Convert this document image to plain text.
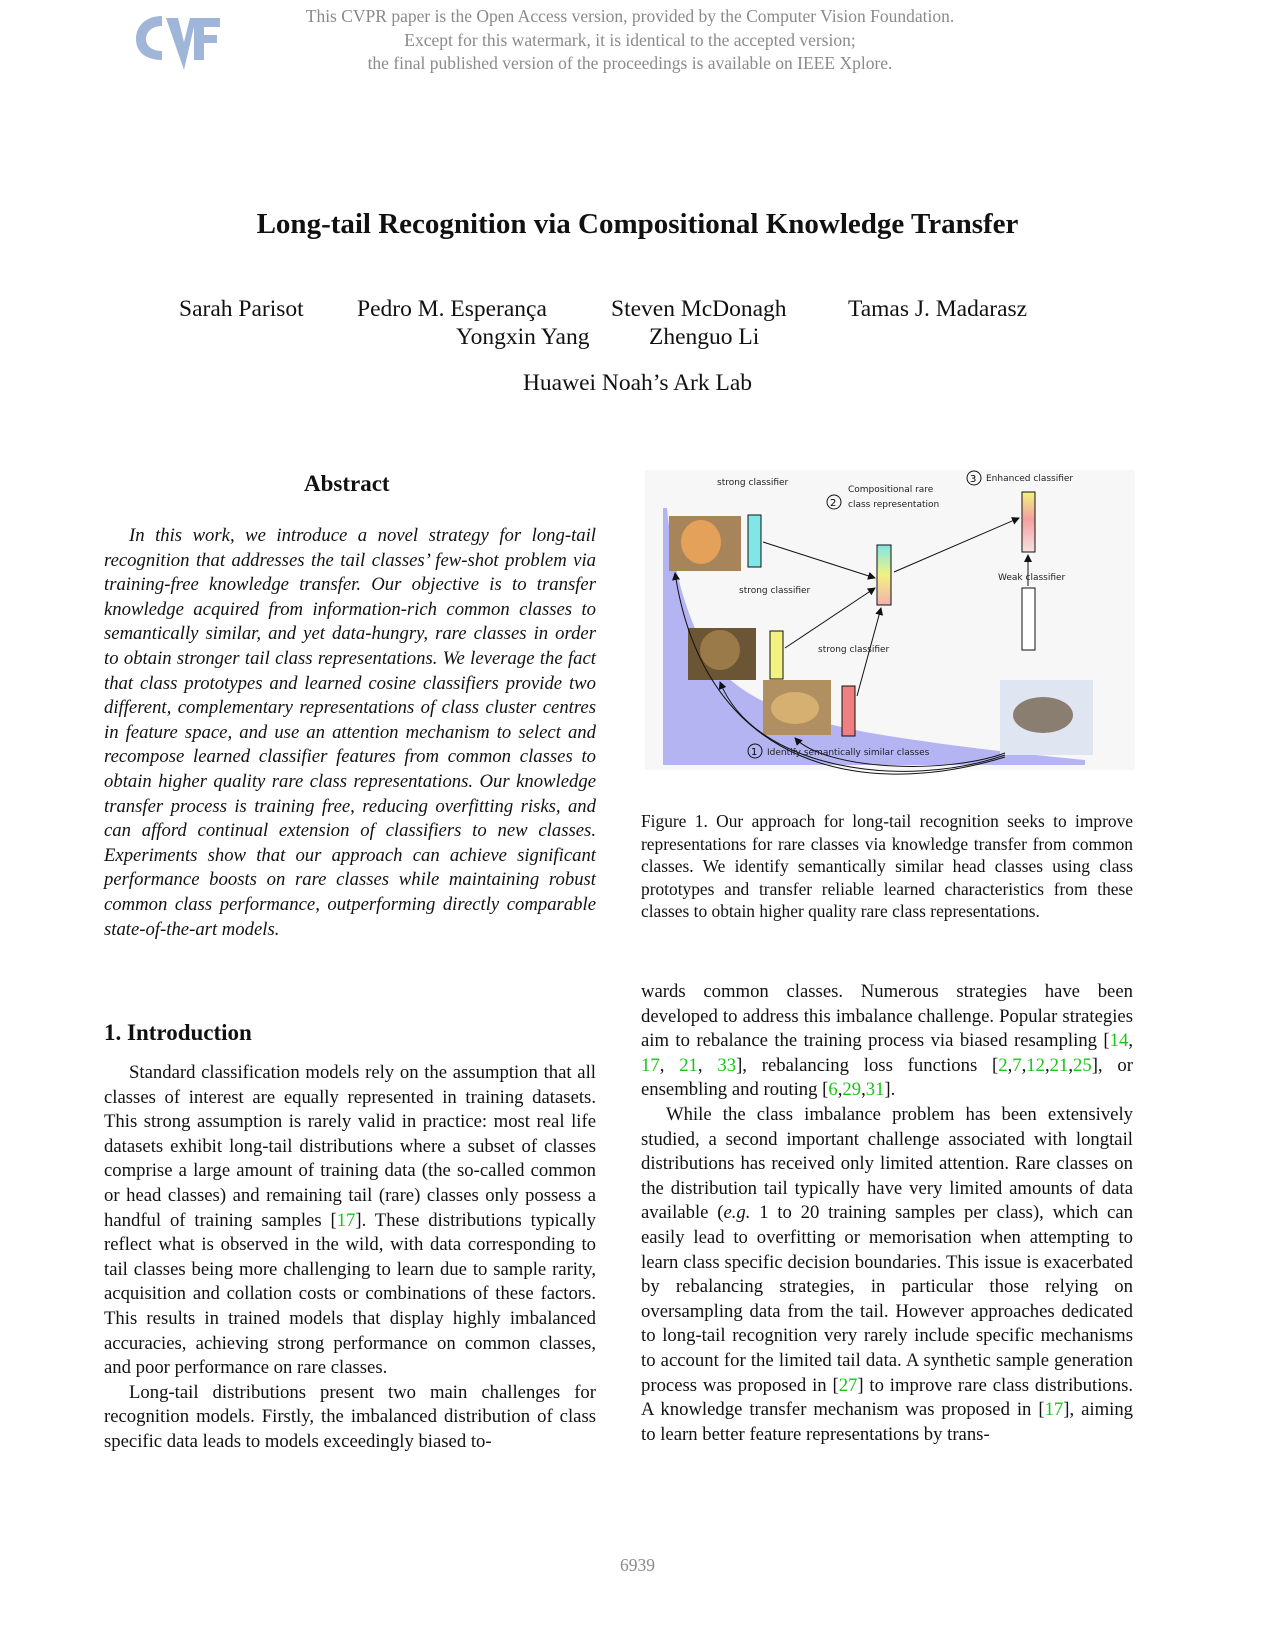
This CVPR paper is the Open Access version, provided by the Computer Vision Foundation.
Except for this watermark, it is identical to the accepted version;
the final published version of the proceedings is available on IEEE Xplore.
Long-tail Recognition via Compositional Knowledge Transfer
Sarah Parisot Pedro M. Esperança	Steven McDonagh	Tamas J. Madarasz
Yongxin Yang	Zhenguo Li
Huawei Noah’s Ark Lab
Abstract

In this work, we introduce a novel strategy for long-tail recognition that addresses the tail classes’ few-shot problem via training-free knowledge transfer. Our objective is to transfer knowledge acquired from information-rich common classes to semantically similar, and yet data-hungry, rare classes in order to obtain stronger tail class representations. We leverage the fact that class prototypes and learned cosine classifiers provide two different, complementary representations of class cluster centres in feature space, and use an attention mechanism to select and recompose learned classifier features from common classes to obtain higher quality rare class representations. Our knowledge transfer process is training free, reducing overfitting risks, and can afford continual extension of classifiers to new classes. Experiments show that our approach can achieve significant performance boosts on rare classes while maintaining robust common class performance, outperforming directly comparable state-of-the-art models.

1. Introduction

Standard classification models rely on the assumption that all classes of interest are equally represented in training datasets. This strong assumption is rarely valid in practice: most real life datasets exhibit long-tail distributions where a subset of classes comprise a large amount of training data (the so-called common or head classes) and remaining tail (rare) classes only possess a handful of training samples [17]. These distributions typically reflect what is observed in the wild, with data corresponding to tail classes being more challenging to learn due to sample rarity, acquisition and collation costs or combinations of these factors. This results in trained models that display highly imbalanced accuracies, achieving strong performance on common classes, and poor performance on rare classes.

Long-tail distributions present two main challenges for recognition models. Firstly, the imbalanced distribution of class specific data leads to models exceedingly biased to-

strong classifier
strong classifier
strong classifier
Weak classifier
2
Compositional rare
class representation
1 Identify semantically similar classes
3 Enhanced classifier
Figure 1. Our approach for long-tail recognition seeks to improve representations for rare classes via knowledge transfer from common classes. We identify semantically similar head classes using class prototypes and transfer reliable learned characteristics from these classes to obtain higher quality rare class representations.

wards common classes. Numerous strategies have been developed to address this imbalance challenge. Popular strategies aim to rebalance the training process via biased resampling [14, 17, 21, 33], rebalancing loss functions [2,7,12,21,25], or ensembling and routing [6,29,31].

While the class imbalance problem has been extensively studied, a second important challenge associated with longtail distributions has received only limited attention. Rare classes on the distribution tail typically have very limited amounts of data available (e.g. 1 to 20 training samples per class), which can easily lead to overfitting or memorisation when attempting to learn class specific decision boundaries. This issue is exacerbated by rebalancing strategies, in particular those relying on oversampling data from the tail. However approaches dedicated to long-tail recognition very rarely include specific mechanisms to account for the limited tail data. A synthetic sample generation process was proposed in [27] to improve rare class distributions. A knowledge transfer mechanism was proposed in [17], aiming to learn better feature representations by trans-

6939
